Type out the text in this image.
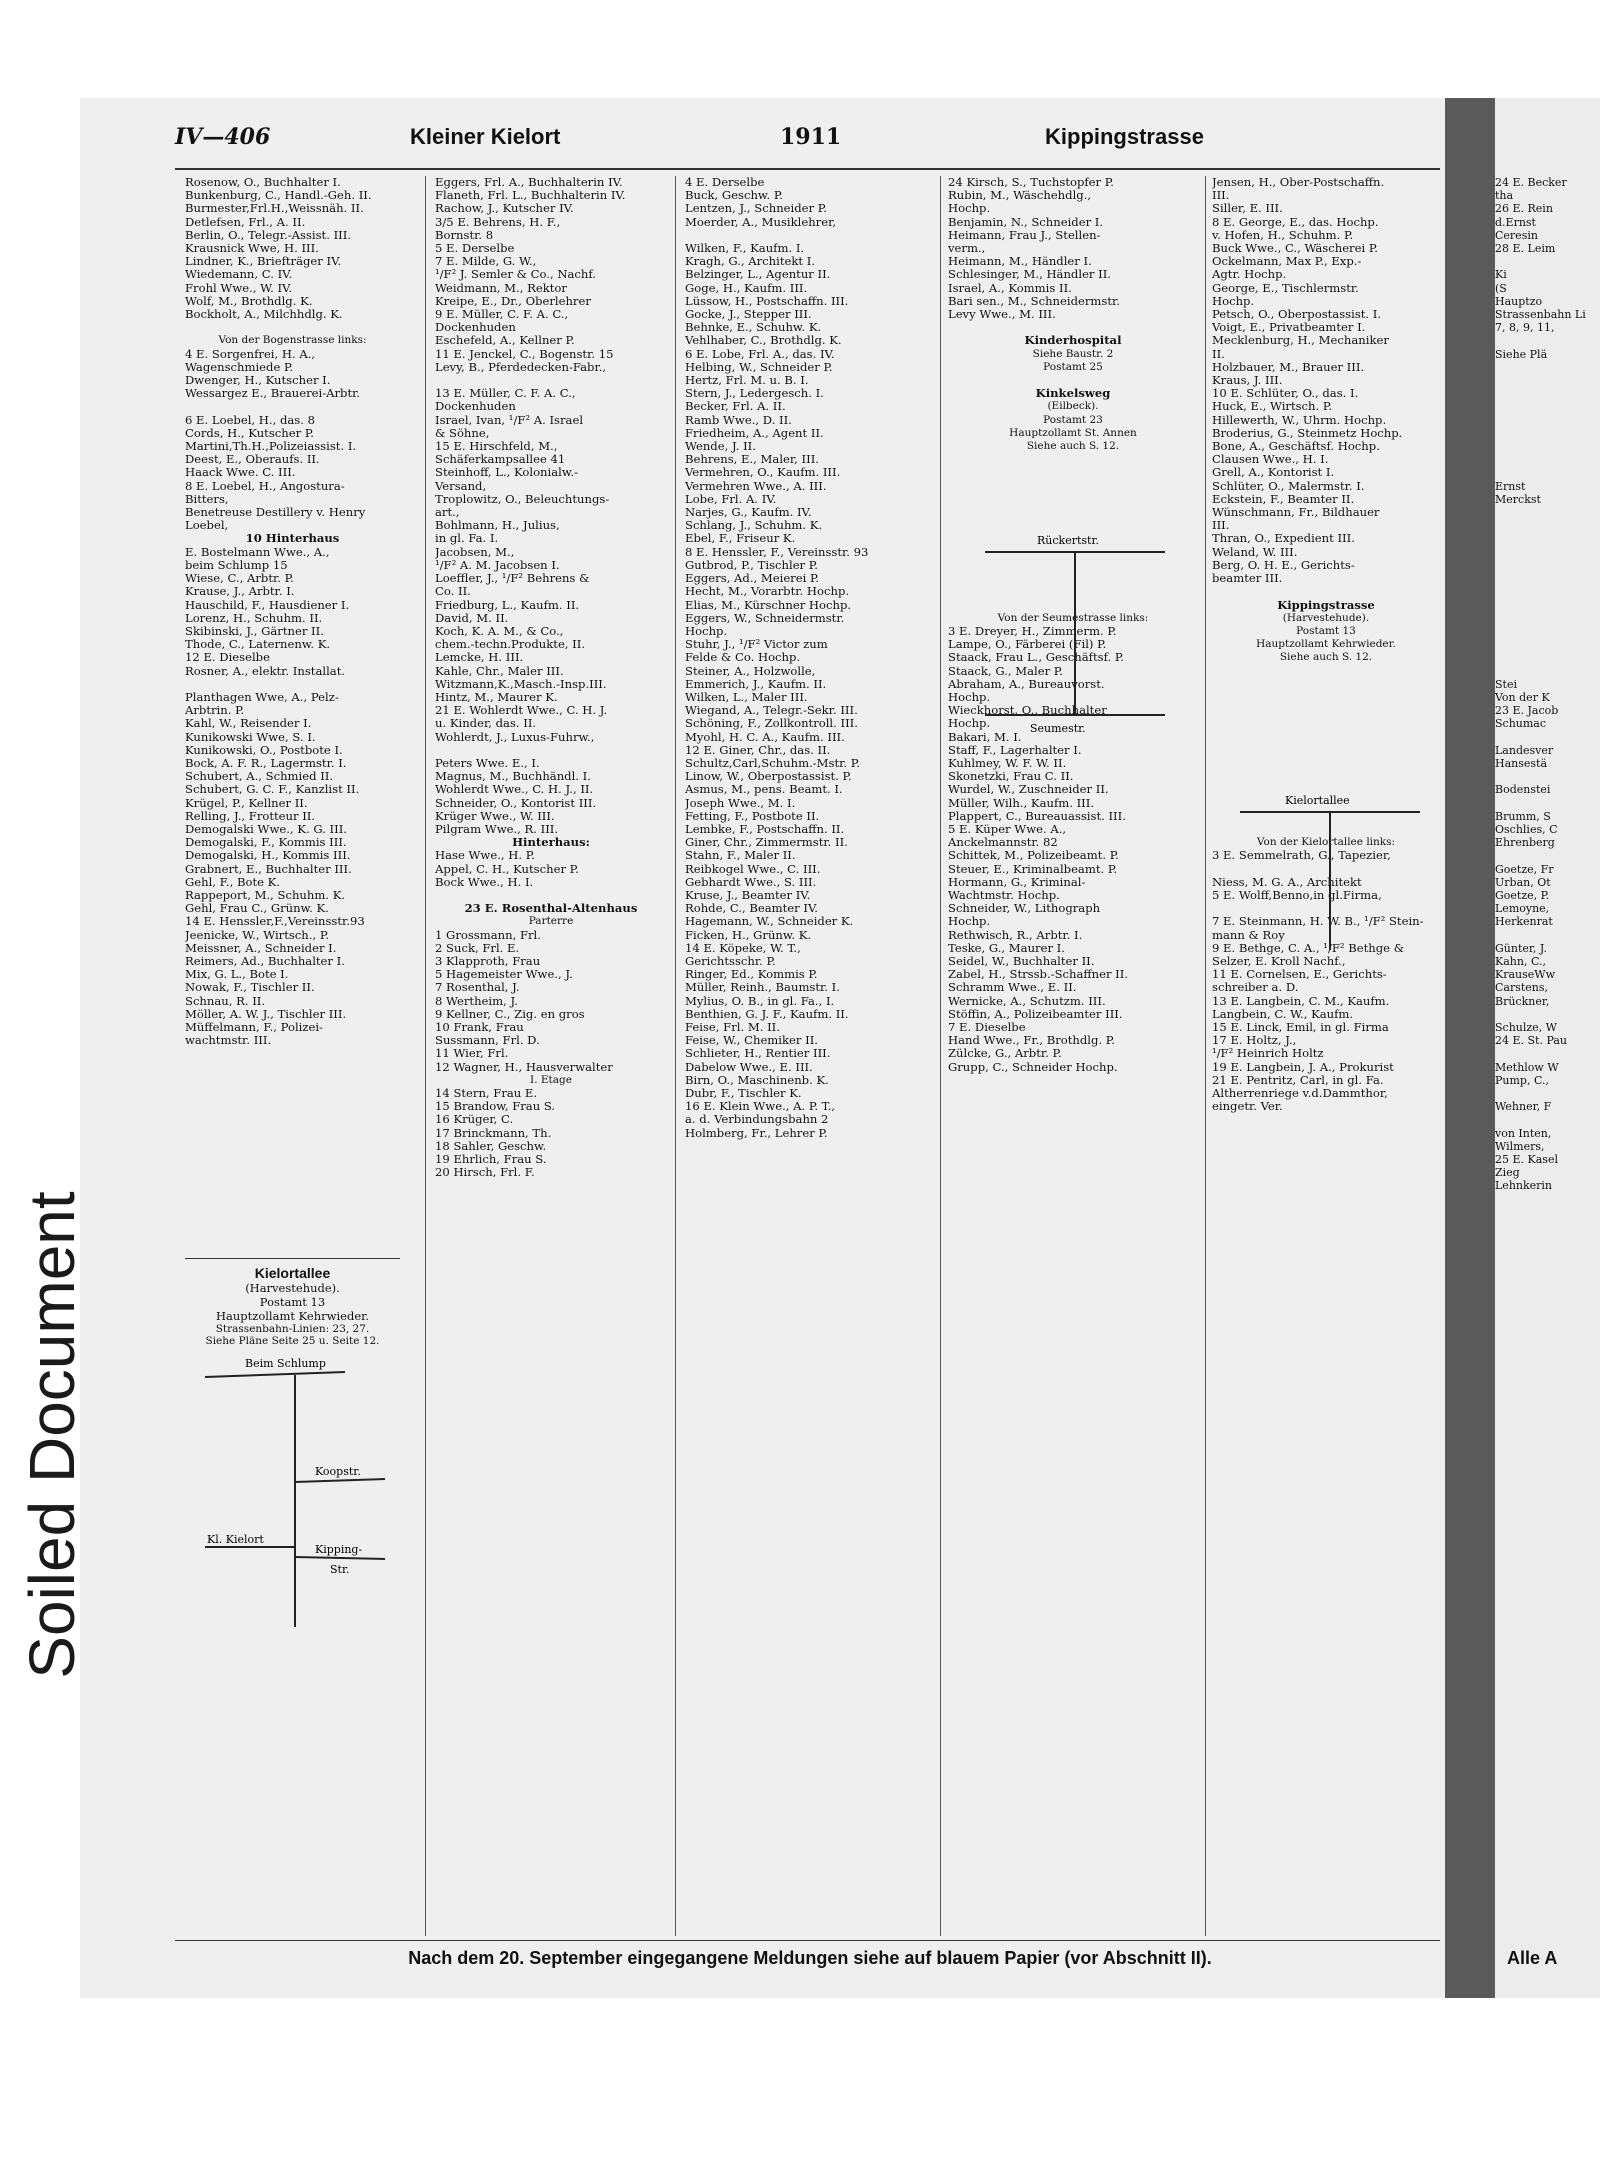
Soiled Document
IV—406	Kleiner Kielort	1911	Kippingstrasse
Rosenow, O., Buchhalter I.
Bunkenburg, C., Handl.-Geh. II.
Burmester,Frl.H.,Weissnäh. II.
Detlefsen, Frl., A. II.
Berlin, O., Telegr.-Assist. III.
Krausnick Wwe, H. III.
Lindner, K., Briefträger IV.
Wiedemann, C. IV.
Frohl Wwe., W. IV.
Wolf, M., Brothdlg. K.
Bockholt, A., Milchhdlg. K.

Von der Bogenstrasse links:
4 E. Sorgenfrei, H. A.,
Wagenschmiede P.
Dwenger, H., Kutscher I.
Wessargez E., Brauerei-Arbtr.

6 E. Loebel, H., das. 8
Cords, H., Kutscher P.
Martini,Th.H.,Polizeiassist. I.
Deest, E., Oberaufs. II.
Haack Wwe. C. III.
8 E. Loebel, H., Angostura-
Bitters,
Benetreuse Destillery v. Henry
Loebel,
10 Hinterhaus
E. Bostelmann Wwe., A.,
beim Schlump 15
Wiese, C., Arbtr. P.
Krause, J., Arbtr. I.
Hauschild, F., Hausdiener I.
Lorenz, H., Schuhm. II.
Skibinski, J., Gärtner II.
Thode, C., Laternenw. K.
12 E. Dieselbe
Rosner, A., elektr. Installat.

Planthagen Wwe, A., Pelz-
Arbtrin. P.
Kahl, W., Reisender I.
Kunikowski Wwe, S. I.
Kunikowski, O., Postbote I.
Bock, A. F. R., Lagermstr. I.
Schubert, A., Schmied II.
Schubert, G. C. F., Kanzlist II.
Krügel, P., Kellner II.
Relling, J., Frotteur II.
Demogalski Wwe., K. G. III.
Demogalski, F., Kommis III.
Demogalski, H., Kommis III.
Grabnert, E., Buchhalter III.
Gehl, F., Bote K.
Rappeport, M., Schuhm. K.
Gehl, Frau C., Grünw. K.
14 E. Henssler,F.,Vereinsstr.93
Jeenicke, W., Wirtsch., P.
Meissner, A., Schneider I.
Reimers, Ad., Buchhalter I.
Mix, G. L., Bote I.
Nowak, F., Tischler II.
Schnau, R. II.
Möller, A. W. J., Tischler III.
Müffelmann, F., Polizei-
wachtmstr. III.
Eggers, Frl. A., Buchhalterin IV.
Flaneth, Frl. L., Buchhalterin IV.
Rachow, J., Kutscher IV.
3/5 E. Behrens, H. F.,
Bornstr. 8
5 E. Derselbe
7 E. Milde, G. W.,
¹/F² J. Semler & Co., Nachf.
Weidmann, M., Rektor
Kreipe, E., Dr., Oberlehrer
9 E. Müller, C. F. A. C.,
Dockenhuden
Eschefeld, A., Kellner P.
11 E. Jenckel, C., Bogenstr. 15
Levy, B., Pferdedecken-Fabr.,

13 E. Müller, C. F. A. C.,
Dockenhuden
Israel, Ivan, ¹/F² A. Israel
& Söhne,
15 E. Hirschfeld, M.,
Schäferkampsallee 41
Steinhoff, L., Kolonialw.-
Versand,
Troplowitz, O., Beleuchtungs-
art.,
Bohlmann, H., Julius,
in gl. Fa. I.
Jacobsen, M.,
¹/F² A. M. Jacobsen I.
Loeffler, J., ¹/F² Behrens &
Co. II.
Friedburg, L., Kaufm. II.
David, M. II.
Koch, K. A. M., & Co.,
chem.-techn.Produkte, II.
Lemcke, H. III.
Kahle, Chr., Maler III.
Witzmann,K.,Masch.-Insp.III.
Hintz, M., Maurer K.
21 E. Wohlerdt Wwe., C. H. J.
u. Kinder, das. II.
Wohlerdt, J., Luxus-Fuhrw.,

Peters Wwe. E., I.
Magnus, M., Buchhändl. I.
Wohlerdt Wwe., C. H. J., II.
Schneider, O., Kontorist III.
Krüger Wwe., W. III.
Pilgram Wwe., R. III.
Hinterhaus:
Hase Wwe., H. P.
Appel, C. H., Kutscher P.
Bock Wwe., H. I.

23 E. Rosenthal-Altenhaus
Parterre
1 Grossmann, Frl.
2 Suck, Frl. E.
3 Klapproth, Frau
5 Hagemeister Wwe., J.
7 Rosenthal, J.
8 Wertheim, J.
9 Kellner, C., Zig. en gros
10 Frank, Frau
Sussmann, Frl. D.
11 Wier, Frl.
12 Wagner, H., Hausverwalter
I. Etage
14 Stern, Frau E.
15 Brandow, Frau S.
16 Krüger, C.
17 Brinckmann, Th.
18 Sahler, Geschw.
19 Ehrlich, Frau S.
20 Hirsch, Frl. F.
4 E. Derselbe
Buck, Geschw. P.
Lentzen, J., Schneider P.
Moerder, A., Musiklehrer,

Wilken, F., Kaufm. I.
Kragh, G., Architekt I.
Belzinger, L., Agentur II.
Goge, H., Kaufm. III.
Lüssow, H., Postschaffn. III.
Gocke, J., Stepper III.
Behnke, E., Schuhw. K.
Vehlhaber, C., Brothdlg. K.
6 E. Lobe, Frl. A., das. IV.
Helbing, W., Schneider P.
Hertz, Frl. M. u. B. I.
Stern, J., Ledergesch. I.
Becker, Frl. A. II.
Ramb Wwe., D. II.
Friedheim, A., Agent II.
Wende, J. II.
Behrens, E., Maler, III.
Vermehren, O., Kaufm. III.
Vermehren Wwe., A. III.
Lobe, Frl. A. IV.
Narjes, G., Kaufm. IV.
Schlang, J., Schuhm. K.
Ebel, F., Friseur K.
8 E. Henssler, F., Vereinsstr. 93
Gutbrod, P., Tischler P.
Eggers, Ad., Meierei P.
Hecht, M., Vorarbtr. Hochp.
Elias, M., Kürschner Hochp.
Eggers, W., Schneidermstr.
Hochp.
Stuhr, J., ¹/F² Victor zum
Felde & Co. Hochp.
Steiner, A., Holzwolle,
Emmerich, J., Kaufm. II.
Wilken, L., Maler III.
Wiegand, A., Telegr.-Sekr. III.
Schöning, F., Zollkontroll. III.
Myohl, H. C. A., Kaufm. III.
12 E. Giner, Chr., das. II.
Schultz,Carl,Schuhm.-Mstr. P.
Linow, W., Oberpostassist. P.
Asmus, M., pens. Beamt. I.
Joseph Wwe., M. I.
Fetting, F., Postbote II.
Lembke, F., Postschaffn. II.
Giner, Chr., Zimmermstr. II.
Stahn, F., Maler II.
Reibkogel Wwe., C. III.
Gebhardt Wwe., S. III.
Kruse, J., Beamter IV.
Rohde, C., Beamter IV.
Hagemann, W., Schneider K.
Ficken, H., Grünw. K.
14 E. Köpeke, W. T.,
Gerichtsschr. P.
Ringer, Ed., Kommis P.
Müller, Reinh., Baumstr. I.
Mylius, O. B., in gl. Fa., I.
Benthien, G. J. F., Kaufm. II.
Feise, Frl. M. II.
Feise, W., Chemiker II.
Schlieter, H., Rentier III.
Dabelow Wwe., E. III.
Birn, O., Maschinenb. K.
Dubr, F., Tischler K.
16 E. Klein Wwe., A. P. T.,
a. d. Verbindungsbahn 2
Holmberg, Fr., Lehrer P.
24 Kirsch, S., Tuchstopfer P.
Rubin, M., Wäschehdlg.,
Hochp.
Benjamin, N., Schneider I.
Heimann, Frau J., Stellen-
verm.,
Heimann, M., Händler I.
Schlesinger, M., Händler II.
Israel, A., Kommis II.
Bari sen., M., Schneidermstr.
Levy Wwe., M. III.

Kinderhospital
Siehe Baustr. 2
Postamt 25

Kinkelsweg
(Eilbeck).
Postamt 23
Hauptzollamt St. Annen
Siehe auch S. 12.

Von der Seumestrasse links:
3 E. Dreyer, H., Zimmerm. P.
Lampe, O., Färberei (Fil) P.
Staack, Frau L., Geschäftsf. P.
Staack, G., Maler P.
Abraham, A., Bureauvorst.
Hochp.
Wieckhorst, O., Buchhalter
Hochp.
Bakari, M. I.
Staff, F., Lagerhalter I.
Kuhlmey, W. F. W. II.
Skonetzki, Frau C. II.
Wurdel, W., Zuschneider II.
Müller, Wilh., Kaufm. III.
Plappert, C., Bureauassist. III.
5 E. Küper Wwe. A.,
Anckelmannstr. 82
Schittek, M., Polizeibeamt. P.
Steuer, E., Kriminalbeamt. P.
Hormann, G., Kriminal-
Wachtmstr. Hochp.
Schneider, W., Lithograph
Hochp.
Rethwisch, R., Arbtr. I.
Teske, G., Maurer I.
Seidel, W., Buchhalter II.
Zabel, H., Strssb.-Schaffner II.
Schramm Wwe., E. II.
Wernicke, A., Schutzm. III.
Stöffin, A., Polizeibeamter III.
7 E. Dieselbe
Hand Wwe., Fr., Brothdlg. P.
Zülcke, G., Arbtr. P.
Grupp, C., Schneider Hochp.
Jensen, H., Ober-Postschaffn.
III.
Siller, E. III.
8 E. George, E., das. Hochp.
v. Hofen, H., Schuhm. P.
Buck Wwe., C., Wäscherei P.
Ockelmann, Max P., Exp.-
Agtr. Hochp.
George, E., Tischlermstr.
Hochp.
Petsch, O., Oberpostassist. I.
Voigt, E., Privatbeamter I.
Mecklenburg, H., Mechaniker
II.
Holzbauer, M., Brauer III.
Kraus, J. III.
10 E. Schlüter, O., das. I.
Huck, E., Wirtsch. P.
Hillewerth, W., Uhrm. Hochp.
Broderius, G., Steinmetz Hochp.
Bone, A., Geschäftsf. Hochp.
Clausen Wwe., H. I.
Grell, A., Kontorist I.
Schlüter, O., Malermstr. I.
Eckstein, F., Beamter II.
Wünschmann, Fr., Bildhauer
III.
Thran, O., Expedient III.
Weland, W. III.
Berg, O. H. E., Gerichts-
beamter III.

Kippingstrasse
(Harvestehude).
Postamt 13
Hauptzollamt Kehrwieder.
Siehe auch S. 12.

Von der Kielortallee links:
3 E. Semmelrath, G., Tapezier,

Niess, M. G. A., Architekt
5 E. Wolff,Benno,in gl.Firma,

7 E. Steinmann, H. W. B., ¹/F² Stein-
mann & Roy
9 E. Bethge, C. A., ¹/F² Bethge &
Selzer, E. Kroll Nachf.,
11 E. Cornelsen, E., Gerichts-
schreiber a. D.
13 E. Langbein, C. M., Kaufm.
Langbein, C. W., Kaufm.
15 E. Linck, Emil, in gl. Firma
17 E. Holtz, J.,
¹/F² Heinrich Holtz
19 E. Langbein, J. A., Prokurist
21 E. Pentritz, Carl, in gl. Fa.
Altherrenriege v.d.Dammthor,
eingetr. Ver.
Kielortallee
(Harvestehude).
Postamt 13
Hauptzollamt Kehrwieder.
Strassenbahn-Linien: 23, 27.
Siehe Pläne Seite 25 u. Seite 12.
Beim Schlump
Koopstr.
Kl. Kielort
Kipping-
Str.
Rückertstr.
Seumestr.
Kielortallee
Nach dem 20. September eingegangene Meldungen siehe auf blauem Papier (vor Abschnitt II).
24 E. Becker
tha
26 E. Rein
d.Ernst
Ceresin
28 E. Leim

Ki
(S
Hauptzo
Strassenbahn Li
7, 8, 9, 11,

Siehe Plä

Ernst
Merckst

Stei
Von der K
23 E. Jacob
Schumac

Landesver
Hansestä

Bodenstei

Brumm, S
Oschlies, C
Ehrenberg

Goetze, Fr
Urban, Ot
Goetze, P.
Lemoyne,
Herkenrat

Günter, J.
Kahn, C.,
KrauseWw
Carstens,
Brückner,

Schulze, W
24 E. St. Pau

Methlow W
Pump, C.,

Wehner, F

von Inten,
Wilmers,
25 E. Kasel
Zieg
Lehnkerin
Alle A
